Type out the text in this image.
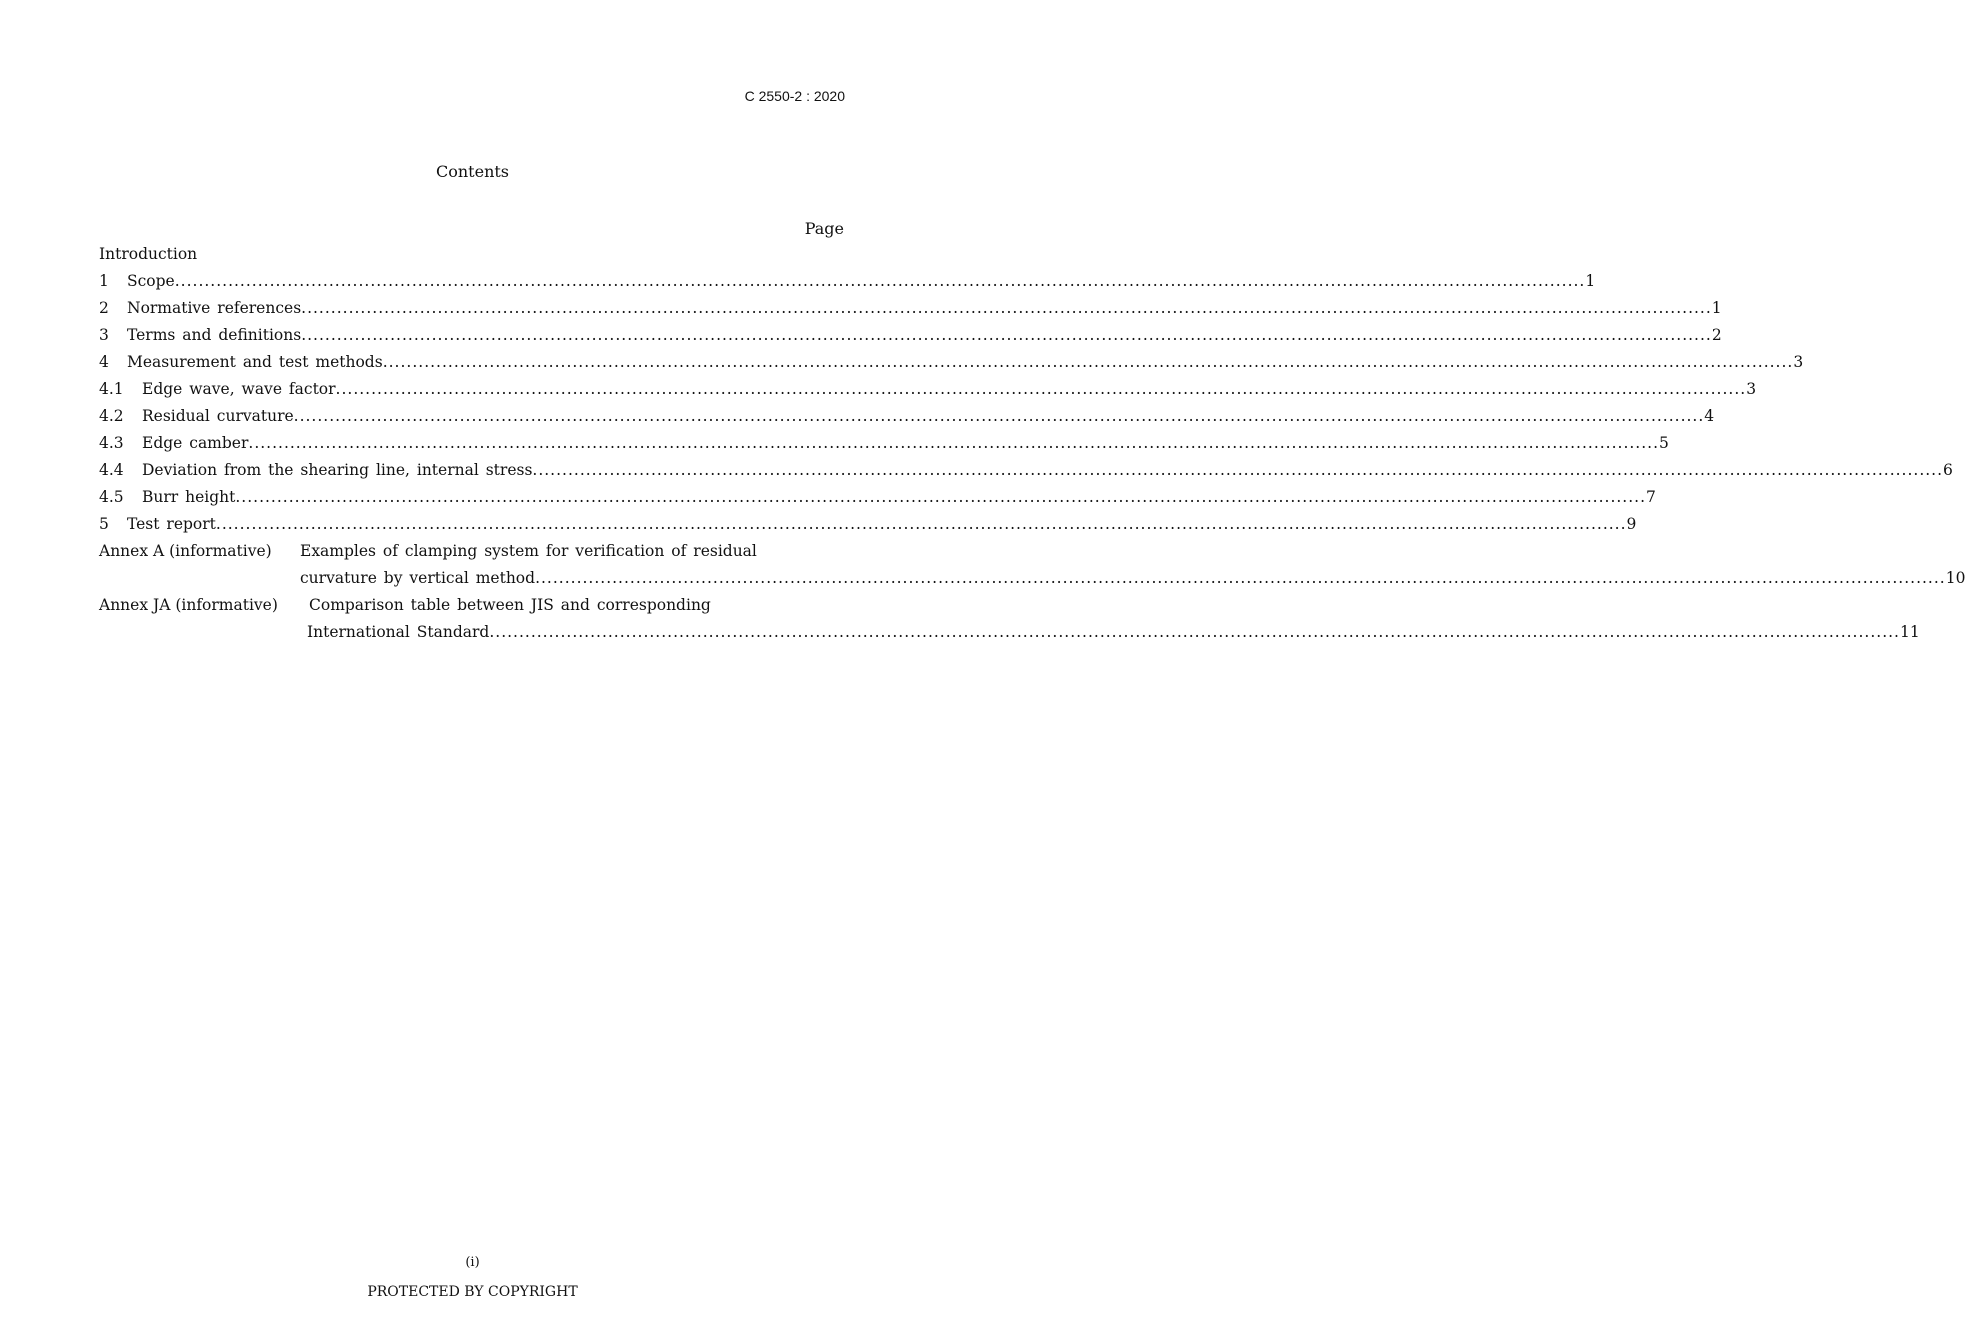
C 2550-2 : 2020
Contents
Page
Introduction
1	Scope .............................................................................................................................................................................................................................................. 1
2	Normative references .............................................................................................................................................................................................................................................. 1
3	Terms and definitions .............................................................................................................................................................................................................................................. 2
4	Measurement and test methods .............................................................................................................................................................................................................................................. 3
4.1	Edge wave, wave factor .............................................................................................................................................................................................................................................. 3
4.2	Residual curvature .............................................................................................................................................................................................................................................. 4
4.3	Edge camber .............................................................................................................................................................................................................................................. 5
4.4	Deviation from the shearing line, internal stress .............................................................................................................................................................................................................................................. 6
4.5	Burr height .............................................................................................................................................................................................................................................. 7
5	Test report .............................................................................................................................................................................................................................................. 9
Annex A (informative)	Examples of clamping system for verification of residual
curvature by vertical method .............................................................................................................................................................................................................................................. 10
Annex JA (informative)	Comparison table between JIS and corresponding
International Standard .............................................................................................................................................................................................................................................. 11
(i)
PROTECTED BY COPYRIGHT
